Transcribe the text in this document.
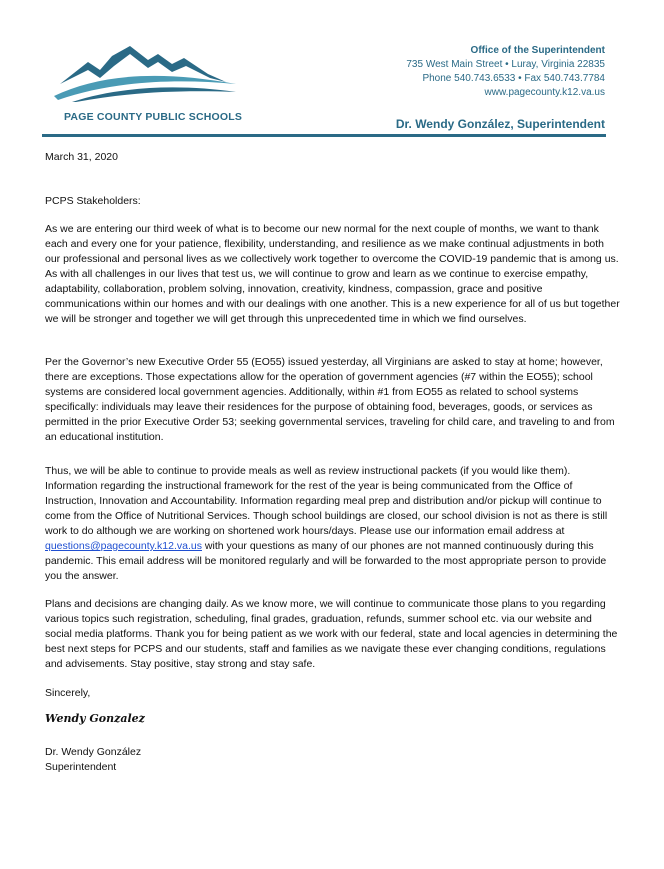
PAGE COUNTY PUBLIC SCHOOLS
Office of the Superintendent
735 West Main Street • Luray, Virginia 22835
Phone 540.743.6533 • Fax 540.743.7784
www.pagecounty.k12.va.us
Dr. Wendy González, Superintendent
March 31, 2020
PCPS Stakeholders:
As we are entering our third week of what is to become our new normal for the next couple of months, we want to thank each and every one for your patience, flexibility, understanding, and resilience as we make continual adjustments in both our professional and personal lives as we collectively work together to overcome the COVID-19 pandemic that is among us. As with all challenges in our lives that test us, we will continue to grow and learn as we continue to exercise empathy, adaptability, collaboration, problem solving, innovation, creativity, kindness, compassion, grace and positive communications within our homes and with our dealings with one another. This is a new experience for all of us but together we will be stronger and together we will get through this unprecedented time in which we find ourselves.
Per the Governor’s new Executive Order 55 (EO55) issued yesterday, all Virginians are asked to stay at home; however, there are exceptions. Those expectations allow for the operation of government agencies (#7 within the EO55); school systems are considered local government agencies. Additionally, within #1 from EO55 as related to school systems specifically: individuals may leave their residences for the purpose of obtaining food, beverages, goods, or services as permitted in the prior Executive Order 53; seeking governmental services, traveling for child care, and traveling to and from an educational institution.
Thus, we will be able to continue to provide meals as well as review instructional packets (if you would like them). Information regarding the instructional framework for the rest of the year is being communicated from the Office of Instruction, Innovation and Accountability. Information regarding meal prep and distribution and/or pickup will continue to come from the Office of Nutritional Services. Though school buildings are closed, our school division is not as there is still work to do although we are working on shortened work hours/days. Please use our information email address at questions@pagecounty.k12.va.us with your questions as many of our phones are not manned continuously during this pandemic. This email address will be monitored regularly and will be forwarded to the most appropriate person to provide you the answer.
Plans and decisions are changing daily. As we know more, we will continue to communicate those plans to you regarding various topics such registration, scheduling, final grades, graduation, refunds, summer school etc. via our website and social media platforms. Thank you for being patient as we work with our federal, state and local agencies in determining the best next steps for PCPS and our students, staff and families as we navigate these ever changing conditions, regulations and advisements. Stay positive, stay strong and stay safe.
Sincerely,
Wendy Gonzalez
Dr. Wendy González
Superintendent
